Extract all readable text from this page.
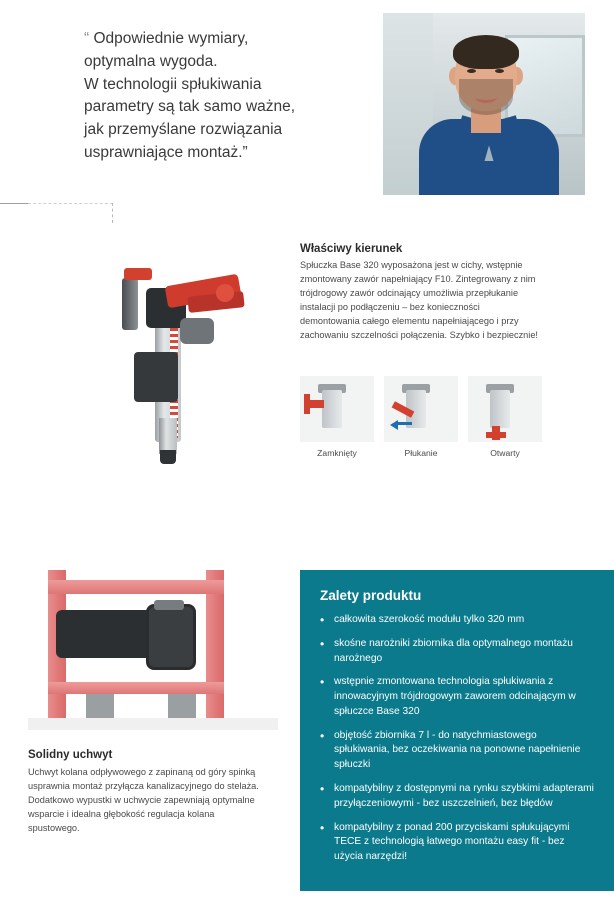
“ Odpowiednie wymiary,
optymalna wygoda.
W technologii spłukiwania
parametry są tak samo ważne,
jak przemyślane rozwiązania
usprawniające montaż.”
Właściwy kierunek
Spłuczka Base 320 wyposażona jest w cichy, wstępnie zmontowany zawór napełniający F10. Zintegrowany z nim trójdrogowy zawór odcinający umożliwia przepłukanie instalacji po podłączeniu – bez konieczności demontowania całego elementu napełniającego i przy zachowaniu szczelności połączenia. Szybko i bezpiecznie!
Zamknięty	Płukanie	Otwarty
Solidny uchwyt
Uchwyt kolana odpływowego z zapinaną od góry spinką usprawnia montaż przyłącza kanalizacyjnego do stelaża. Dodatkowo wypustki w uchwycie zapewniają optymalne wsparcie i idealna głębokość regulacja kolana spustowego.
Zalety produktu
• całkowita szerokość modułu tylko 320 mm
• skośne narożniki zbiornika dla optymalnego montażu narożnego
• wstępnie zmontowana technologia spłukiwania z innowacyjnym trójdrogowym zaworem odcinającym w spłuczce Base 320
• objętość zbiornika 7 l - do natychmiastowego spłukiwania, bez oczekiwania na ponowne napełnienie spłuczki
• kompatybilny z dostępnymi na rynku szybkimi adapterami przyłączeniowymi - bez uszczelnień, bez błędów
• kompatybilny z ponad 200 przyciskami spłukującymi TECE z technologią łatwego montażu easy fit - bez użycia narzędzi!
